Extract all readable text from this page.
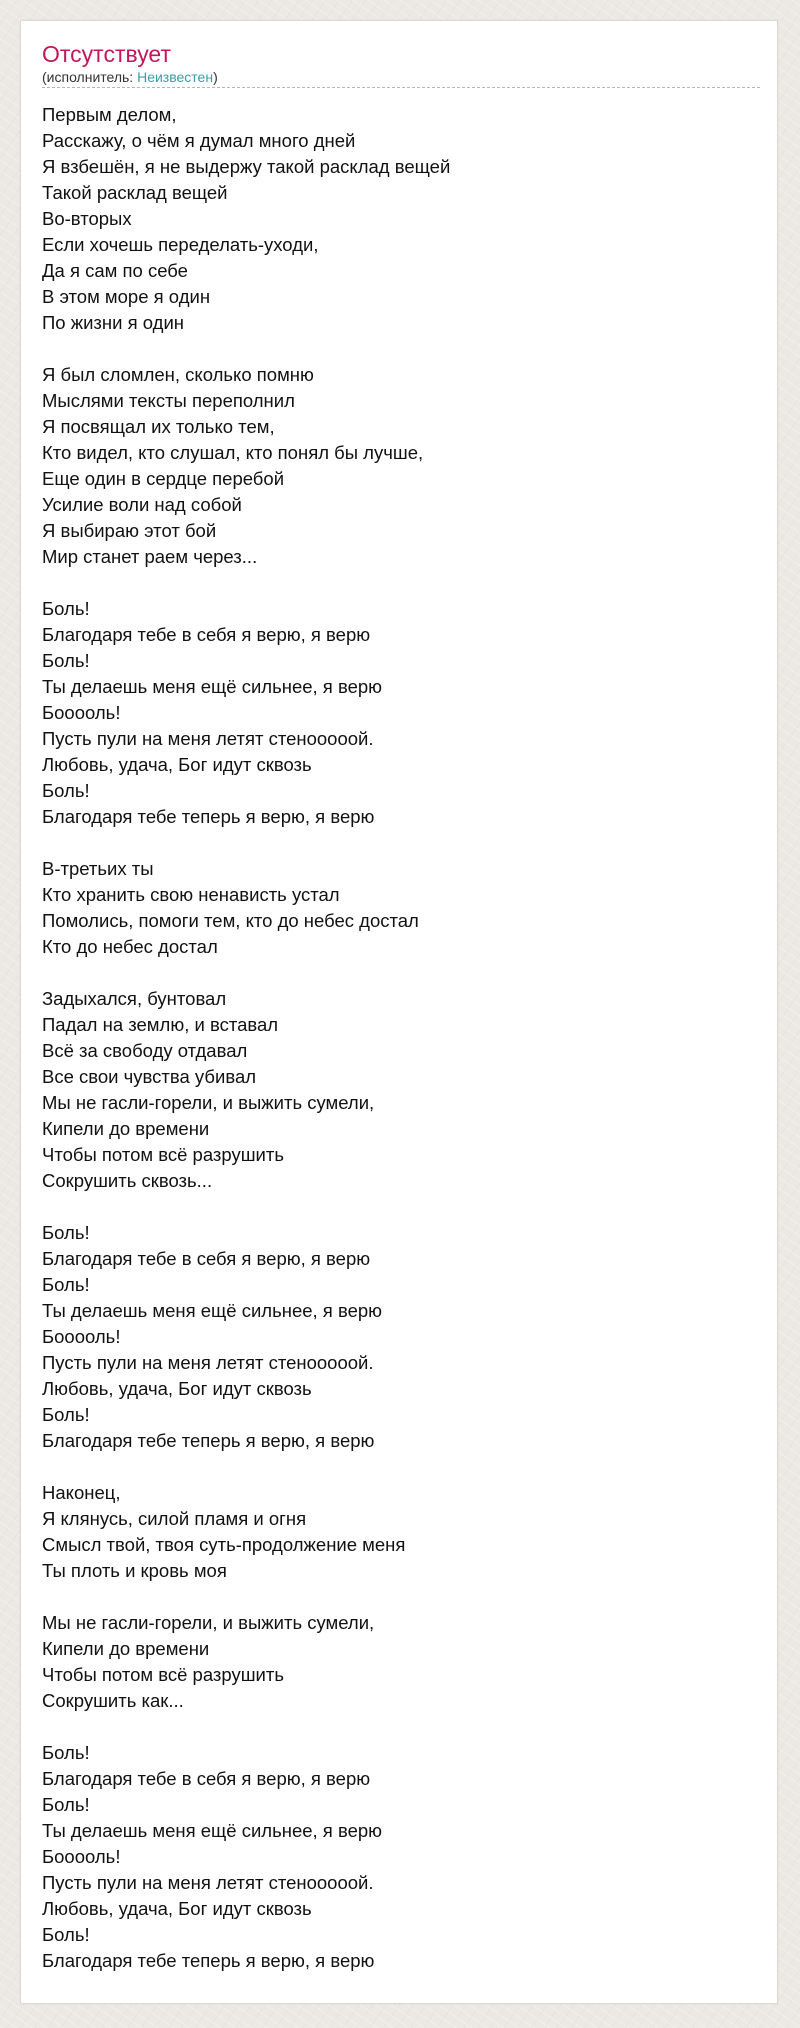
Отсутствует
(исполнитель: Неизвестен)
Первым делом,
Расскажу, о чём я думал много дней
Я взбешён, я не выдержу такой расклад вещей
Такой расклад вещей
Во-вторых
Если хочешь переделать-уходи,
Да я сам по себе
В этом море я один
По жизни я один
Я был сломлен, сколько помню
Мыслями тексты переполнил
Я посвящал их только тем,
Кто видел, кто слушал, кто понял бы лучше,
Еще один в сердце перебой
Усилие воли над собой
Я выбираю этот бой
Мир станет раем через...
Боль!
Благодаря тебе в себя я верю, я верю
Боль!
Ты делаешь меня ещё сильнее, я верю
Бооооль!
Пусть пули на меня летят стенооооой.
Любовь, удача, Бог идут сквозь
Боль!
Благодаря тебе теперь я верю, я верю
В-третьих ты
Кто хранить свою ненависть устал
Помолись, помоги тем, кто до небес достал
Кто до небес достал
Задыхался, бунтовал
Падал на землю, и вставал
Всё за свободу отдавал
Все свои чувства убивал
Мы не гасли-горели, и выжить сумели,
Кипели до времени
Чтобы потом всё разрушить
Сокрушить сквозь...
Боль!
Благодаря тебе в себя я верю, я верю
Боль!
Ты делаешь меня ещё сильнее, я верю
Бооооль!
Пусть пули на меня летят стенооооой.
Любовь, удача, Бог идут сквозь
Боль!
Благодаря тебе теперь я верю, я верю
Наконец,
Я клянусь, силой пламя и огня
Смысл твой, твоя суть-продолжение меня
Ты плоть и кровь моя
Мы не гасли-горели, и выжить сумели,
Кипели до времени
Чтобы потом всё разрушить
Сокрушить как...
Боль!
Благодаря тебе в себя я верю, я верю
Боль!
Ты делаешь меня ещё сильнее, я верю
Бооооль!
Пусть пули на меня летят стенооооой.
Любовь, удача, Бог идут сквозь
Боль!
Благодаря тебе теперь я верю, я верю
